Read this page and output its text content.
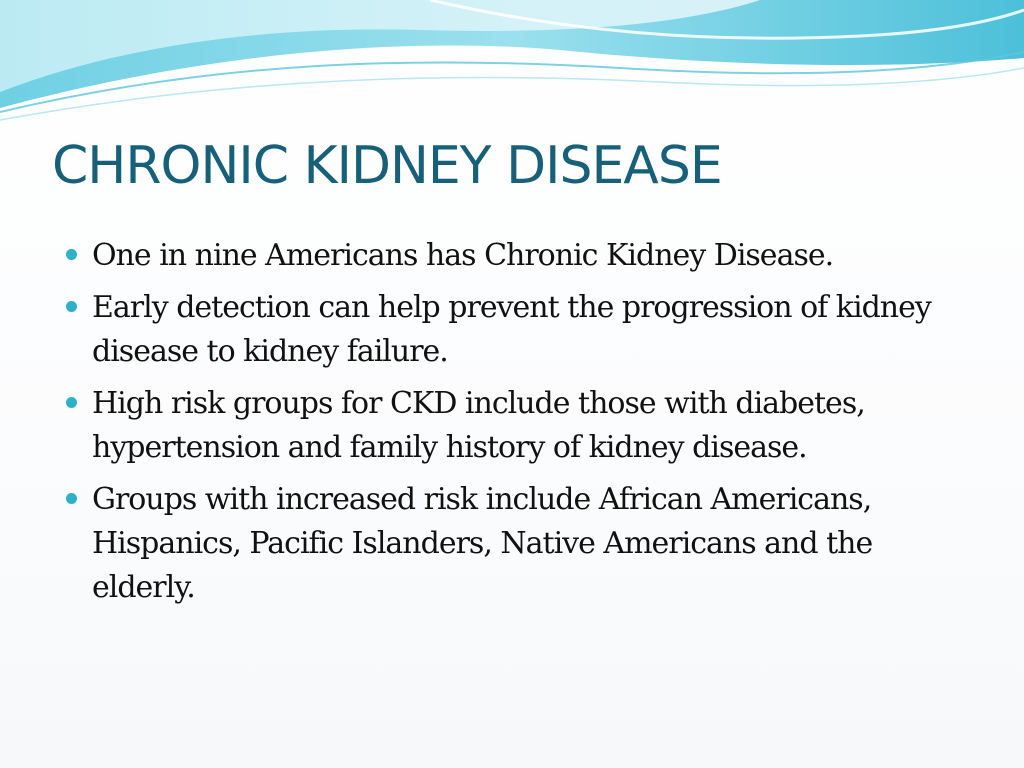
CHRONIC KIDNEY DISEASE
One in nine Americans has Chronic Kidney Disease.
Early detection can help prevent the progression of kidney disease to kidney failure.
High risk groups for CKD include those with diabetes, hypertension and family history of kidney disease.
Groups with increased risk include African Americans, Hispanics, Pacific Islanders, Native Americans and the elderly.
